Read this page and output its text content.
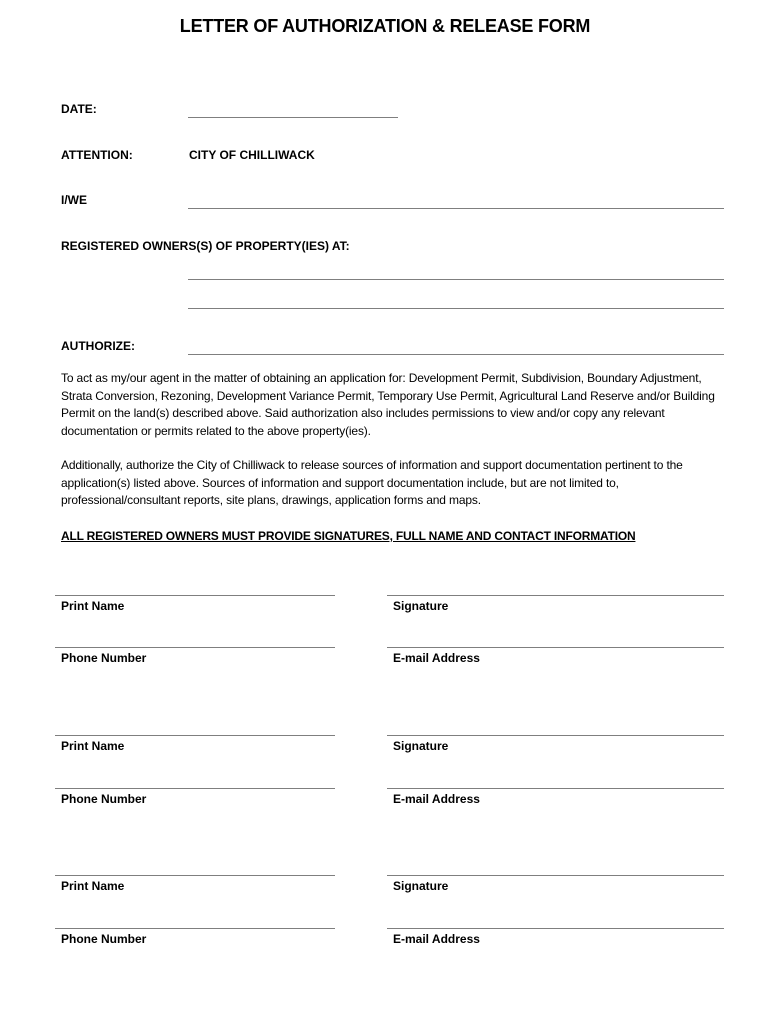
LETTER OF AUTHORIZATION & RELEASE FORM
DATE:
ATTENTION:	CITY OF CHILLIWACK
I/WE
REGISTERED OWNERS(S) OF PROPERTY(IES) AT:
AUTHORIZE:
To act as my/our agent in the matter of obtaining an application for: Development Permit, Subdivision, Boundary Adjustment, Strata Conversion, Rezoning, Development Variance Permit, Temporary Use Permit, Agricultural Land Reserve and/or Building Permit on the land(s) described above. Said authorization also includes permissions to view and/or copy any relevant documentation or permits related to the above property(ies).
Additionally, authorize the City of Chilliwack to release sources of information and support documentation pertinent to the application(s) listed above. Sources of information and support documentation include, but are not limited to, professional/consultant reports, site plans, drawings, application forms and maps.
ALL REGISTERED OWNERS MUST PROVIDE SIGNATURES, FULL NAME AND CONTACT INFORMATION
Print Name	Signature
Phone Number	E-mail Address
Print Name	Signature
Phone Number	E-mail Address
Print Name	Signature
Phone Number	E-mail Address
